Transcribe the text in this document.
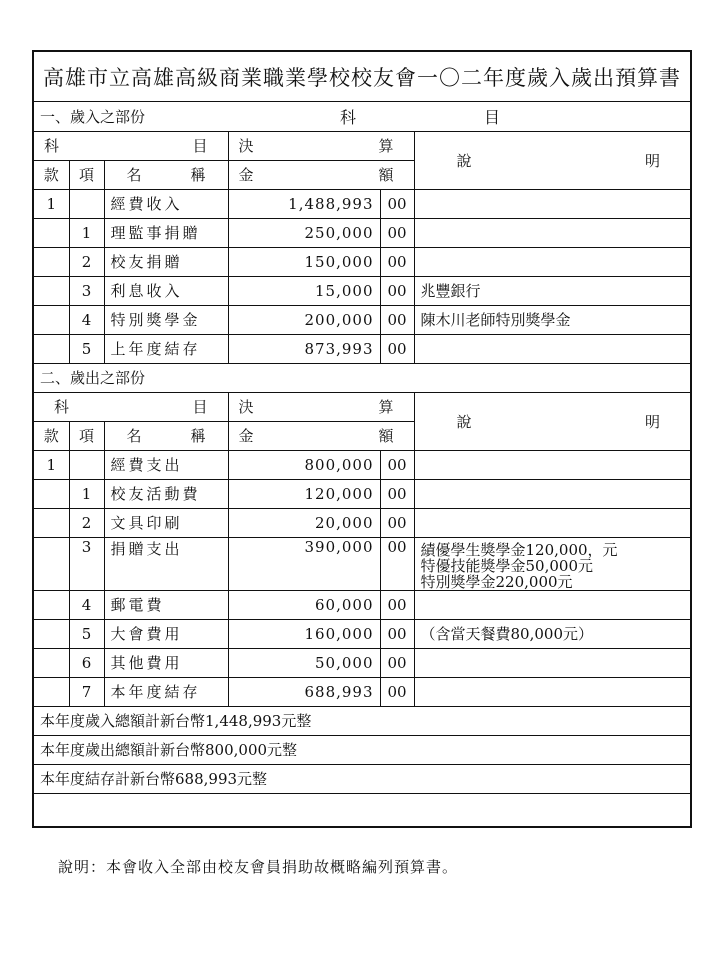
高雄市立高雄高級商業職業學校校友會一〇二年度歲入歲出預算書
一、歲入之部份			科 目		

科 目			決 算		說 明

款	項	名 稱	金 額		

1		經費收入	1,488,993	00	
	1	理監事捐贈	250,000	00	
	2	校友捐贈	150,000	00	
	3	利息收入	15,000	00	兆豐銀行
	4	特別獎學金	200,000	00	陳木川老師特別獎學金
	5	上年度結存	873,993	00	
二、歲出之部份					

科 目			決 算		說 明

款	項	名 稱	金 額		

1		經費支出	800,000	00	
	1	校友活動費	120,000	00	
	2	文具印刷	20,000	00	
	3	捐贈支出	390,000	00	績優學生獎學金120,000，元
特優技能獎學金50,000元
特別獎學金220,000元

	4	郵電費	60,000	00	
	5	大會費用	160,000	00	（含當天餐費80,000元）
	6	其他費用	50,000	00	
	7	本年度結存	688,993	00	
本年度歲入總額計新台幣1,448,993元整					
本年度歲出總額計新台幣800,000元整					
本年度結存計新台幣688,993元整					
說明：本會收入全部由校友會員捐助故概略編列預算書。
